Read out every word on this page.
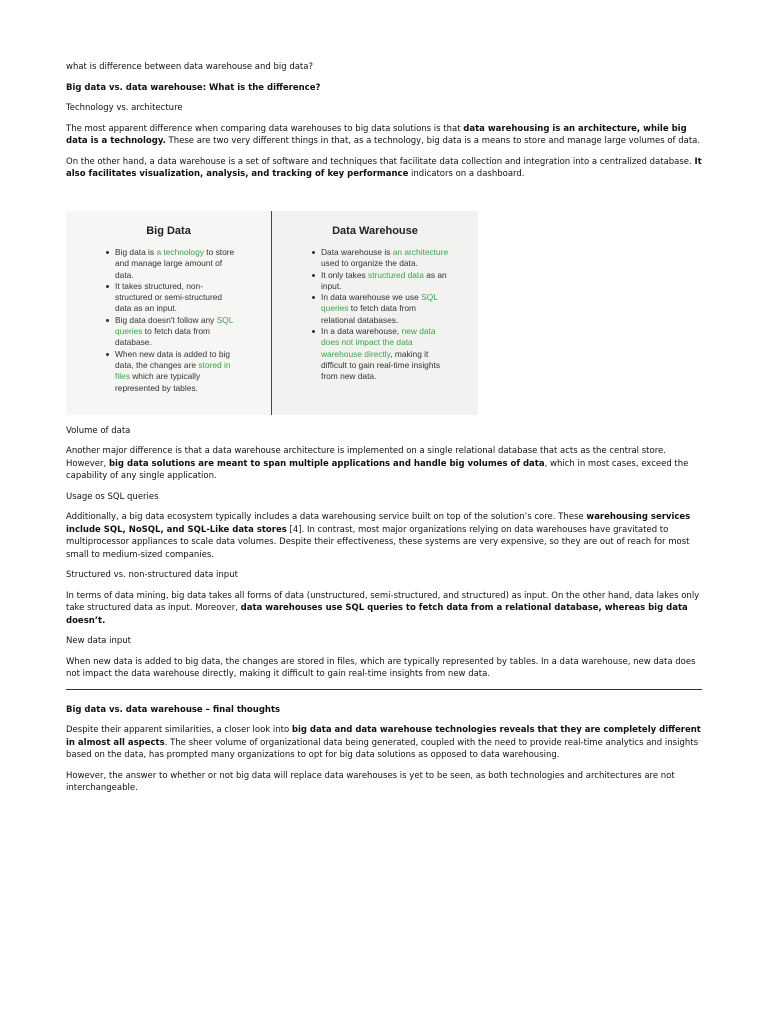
what is difference between data warehouse and big data?

Big data vs. data warehouse: What is the difference?

Technology vs. architecture

The most apparent difference when comparing data warehouses to big data solutions is that data warehousing is an architecture, while big data is a technology. These are two very different things in that, as a technology, big data is a means to store and manage large volumes of data.

On the other hand, a data warehouse is a set of software and techniques that facilitate data collection and integration into a centralized database. It also facilitates visualization, analysis, and tracking of key performance indicators on a dashboard.

Big Data
Big data is a technology to store and manage large amount of data.
It takes structured, non-structured or semi-structured data as an input.
Big data doesn't follow any SQL queries to fetch data from database.
When new data is added to big data, the changes are stored in files which are typically represented by tables.
Data Warehouse
Data warehouse is an architecture used to organize the data.
It only takes structured data as an input.
In data warehouse we use SQL queries to fetch data from relational databases.
In a data warehouse, new data does not impact the data warehouse directly, making it difficult to gain real-time insights from new data.

Volume of data

Another major difference is that a data warehouse architecture is implemented on a single relational database that acts as the central store. However, big data solutions are meant to span multiple applications and handle big volumes of data, which in most cases, exceed the capability of any single application.

Usage os SQL queries

Additionally, a big data ecosystem typically includes a data warehousing service built on top of the solution’s core. These warehousing services include SQL, NoSQL, and SQL-Like data stores [4]. In contrast, most major organizations relying on data warehouses have gravitated to multiprocessor appliances to scale data volumes. Despite their effectiveness, these systems are very expensive, so they are out of reach for most small to medium-sized companies.

Structured vs. non-structured data input

In terms of data mining, big data takes all forms of data (unstructured, semi-structured, and structured) as input. On the other hand, data lakes only take structured data as input. Moreover, data warehouses use SQL queries to fetch data from a relational database, whereas big data doesn’t.

New data input

When new data is added to big data, the changes are stored in files, which are typically represented by tables. In a data warehouse, new data does not impact the data warehouse directly, making it difficult to gain real-time insights from new data.

Big data vs. data warehouse – final thoughts

Despite their apparent similarities, a closer look into big data and data warehouse technologies reveals that they are completely different in almost all aspects. The sheer volume of organizational data being generated, coupled with the need to provide real-time analytics and insights based on the data, has prompted many organizations to opt for big data solutions as opposed to data warehousing.

However, the answer to whether or not big data will replace data warehouses is yet to be seen, as both technologies and architectures are not interchangeable.
